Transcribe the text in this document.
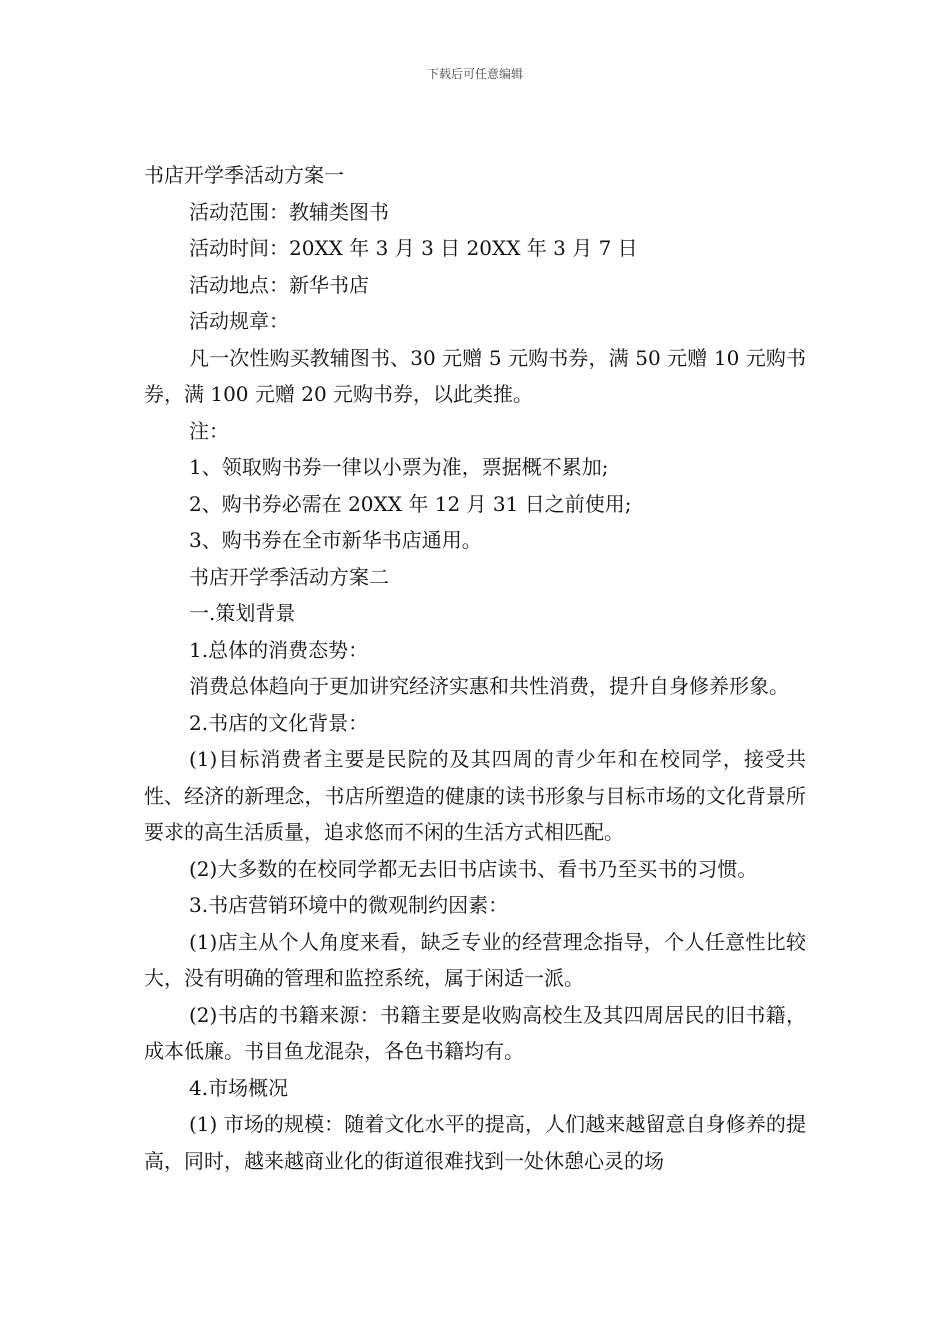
下载后可任意编辑

书店开学季活动方案一

活动范围：教辅类图书

活动时间：20XX 年 3 月 3 日 20XX 年 3 月 7 日

活动地点：新华书店

活动规章：

凡一次性购买教辅图书、30 元赠 5 元购书券，满 50 元赠 10 元购书券，满 100 元赠 20 元购书券，以此类推。

注：

1、领取购书券一律以小票为准，票据概不累加;

2、购书券必需在 20XX 年 12 月 31 日之前使用;

3、购书券在全市新华书店通用。

书店开学季活动方案二

一.策划背景

1.总体的消费态势：

消费总体趋向于更加讲究经济实惠和共性消费，提升自身修养形象。

2.书店的文化背景：

(1)目标消费者主要是民院的及其四周的青少年和在校同学，接受共性、经济的新理念，书店所塑造的健康的读书形象与目标市场的文化背景所要求的高生活质量，追求悠而不闲的生活方式相匹配。

(2)大多数的在校同学都无去旧书店读书、看书乃至买书的习惯。

3.书店营销环境中的微观制约因素：

(1)店主从个人角度来看，缺乏专业的经营理念指导，个人任意性比较大，没有明确的管理和监控系统，属于闲适一派。

(2)书店的书籍来源：书籍主要是收购高校生及其四周居民的旧书籍，成本低廉。书目鱼龙混杂，各色书籍均有。

4.市场概况

(1) 市场的规模：随着文化水平的提高，人们越来越留意自身修养的提高，同时，越来越商业化的街道很难找到一处休憩心灵的场
